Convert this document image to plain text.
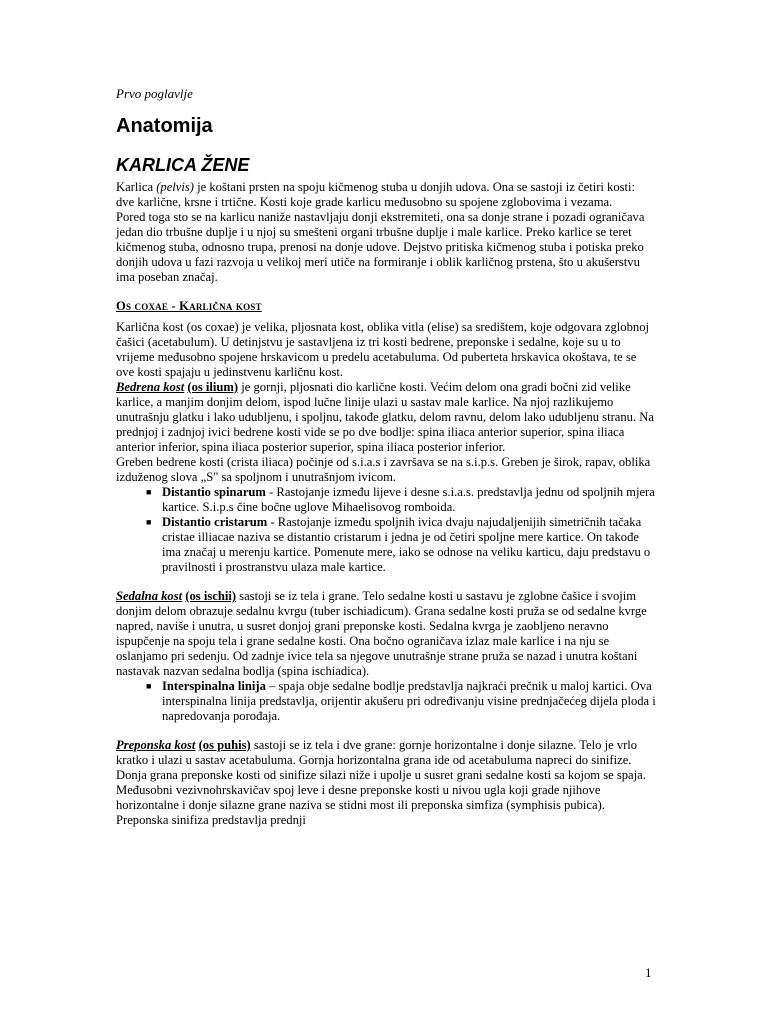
Prvo poglavlje

Anatomija
KARLICA ŽENE

Karlica (pelvis) je koštani prsten na spoju kičmenog stuba u donjih udova. Ona se sastoji iz četiri kosti: dve karlične, krsne i trtične. Kosti koje grade karlicu međusobno su spojene zglobovima i vezama.

Pored toga sto se na karlicu naniže nastavljaju donji ekstremiteti, ona sa donje strane i pozadi ograničava jedan dio trbušne duplje i u njoj su smešteni organi trbušne duplje i male karlice. Preko karlice se teret kičmenog stuba, odnosno trupa, prenosi na donje udove. Dejstvo pritiska kičmenog stuba i potiska preko donjih udova u fazi razvoja u velikoj meri utiče na formiranje i oblik karličnog prstena, što u akušerstvu ima poseban značaj.

Os coxae - Karlična kost

Karlična kost (os coxae) je velika, pljosnata kost, oblika vitla (elise) sa središtem, koje odgovara zglobnoj čašici (acetabulum). U detinjstvu je sastavljena iz tri kosti bedrene, preponske i sedalne, koje su u to vrijeme međusobno spojene hrskavicom u predelu acetabuluma. Od puberteta hrskavica okoštava, te se ove kosti spajaju u jedinstvenu karličnu kost.

Bedrena kost (os ilium) je gornji, pljosnati dio karlične kosti. Većim delom ona gradi bočni zid velike karlice, a manjim donjim delom, ispod lučne linije ulazi u sastav male karlice. Na njoj razlikujemo unutrašnju glatku i lako udubljenu, i spoljnu, takođe glatku, delom ravnu, delom lako udubljenu stranu. Na prednjoj i zadnjoj ivici bedrene kosti vide se po dve bodlje: spina iliaca anterior superior, spina iliaca anterior inferior, spina iliaca posterior superior, spina iliaca posterior inferior.

Greben bedrene kosti (crista iliaca) počinje od s.i.a.s i završava se na s.i.p.s. Greben je širok, rapav, oblika izduženog slova „S" sa spoljnom i unutrašnjom ivicom.

■ Distantio spinarum - Rastojanje između lijeve i desne s.i.a.s. predstavlja jednu od spoljnih mjera kartice. S.i.p.s čine bočne uglove Mihaelisovog romboida.
■ Distantio cristarum - Rastojanje između spoljnih ivica dvaju najudaljenijih simetričnih tačaka cristae illiacae naziva se distantio cristarum i jedna je od četiri spoljne mere kartice. On takođe ima značaj u merenju kartice. Pomenute mere, iako se odnose na veliku karticu, daju predstavu o pravilnosti i prostranstvu ulaza male kartice.

Sedalna kost (os ischii) sastoji se iz tela i grane. Telo sedalne kosti u sastavu je zglobne čašice i svojim donjim delom obrazuje sedalnu kvrgu (tuber ischiadicum). Grana sedalne kosti pruža se od sedalne kvrge napred, naviše i unutra, u susret donjoj grani preponske kosti. Sedalna kvrga je zaobljeno neravno ispupčenje na spoju tela i grane sedalne kosti. Ona bočno ograničava izlaz male karlice i na nju se oslanjamo pri sedenju. Od zadnje ivice tela sa njegove unutrašnje strane pruža se nazad i unutra koštani nastavak nazvan sedalna bodlja (spina ischiadica).

■ Interspinalna linija – spaja obje sedalne bodlje predstavlja najkraći prečnik u maloj kartici. Ova interspinalna linija predstavlja, orijentir akušeru pri određivanju visine prednjačećeg dijela ploda i napredovanja porođaja.

Preponska kost (os puhis) sastoji se iz tela i dve grane: gornje horizontalne i donje silazne. Telo je vrlo kratko i ulazi u sastav acetabuluma. Gornja horizontalna grana ide od acetabuluma napreci do sinifize. Donja grana preponske kosti od sinifize silazi niže i upolje u susret grani sedalne kosti sa kojom se spaja. Međusobni vezivnohrskavičav spoj leve i desne preponske kosti u nivou ugla koji grade njihove horizontalne i donje silazne grane naziva se stidni most ili preponska simfiza (symphisis pubica). Preponska sinifiza predstavlja prednji

1
